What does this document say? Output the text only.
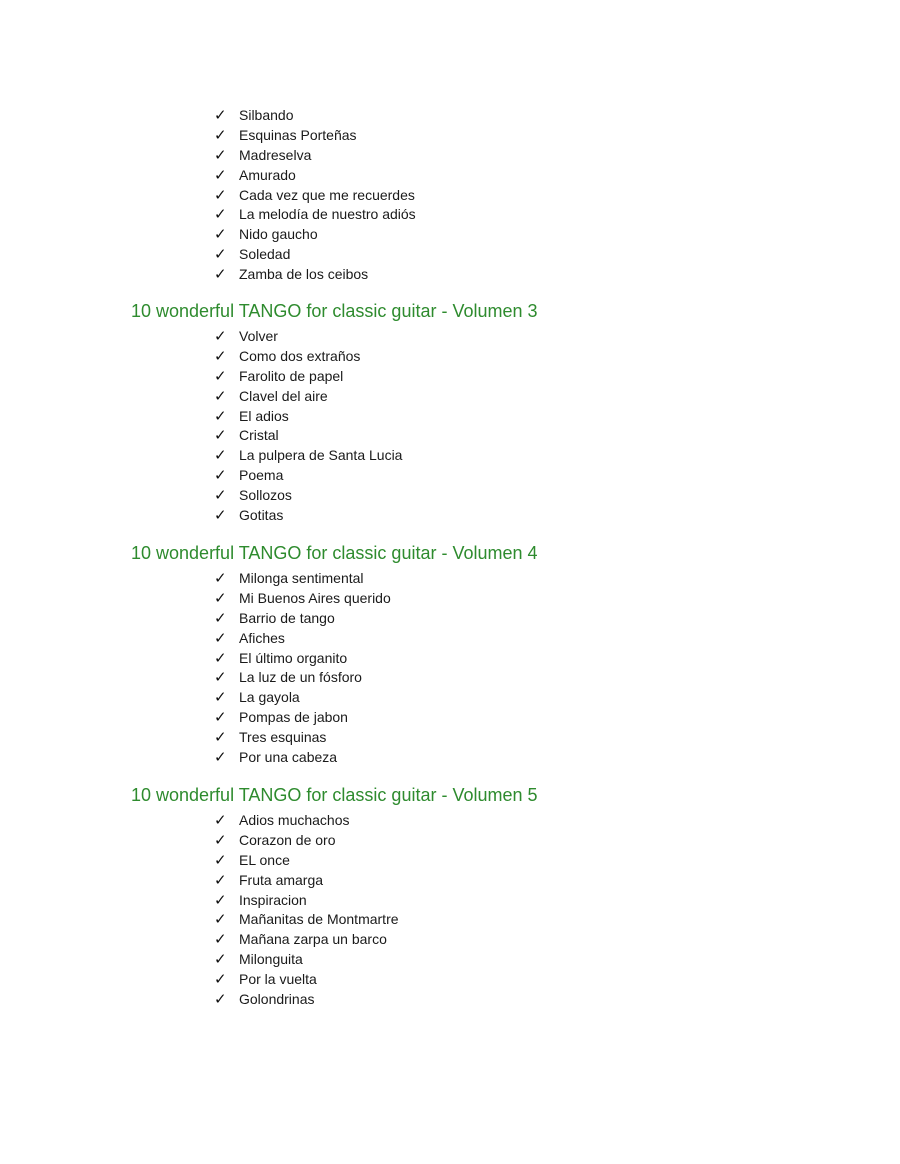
✓ Silbando
✓ Esquinas Porteñas
✓ Madreselva
✓ Amurado
✓ Cada vez que me recuerdes
✓ La melodía de nuestro adiós
✓ Nido gaucho
✓ Soledad
✓ Zamba de los ceibos
10 wonderful TANGO for classic guitar - Volumen 3
✓ Volver
✓ Como dos extraños
✓ Farolito de papel
✓ Clavel del aire
✓ El adios
✓ Cristal
✓ La pulpera de Santa Lucia
✓ Poema
✓ Sollozos
✓ Gotitas
10 wonderful TANGO for classic guitar - Volumen 4
✓ Milonga sentimental
✓ Mi Buenos Aires querido
✓ Barrio de tango
✓ Afiches
✓ El último organito
✓ La luz de un fósforo
✓ La gayola
✓ Pompas de jabon
✓ Tres esquinas
✓ Por una cabeza
10 wonderful TANGO for classic guitar - Volumen 5
✓ Adios muchachos
✓ Corazon de oro
✓ EL once
✓ Fruta amarga
✓ Inspiracion
✓ Mañanitas de Montmartre
✓ Mañana zarpa un barco
✓ Milonguita
✓ Por la vuelta
✓ Golondrinas
